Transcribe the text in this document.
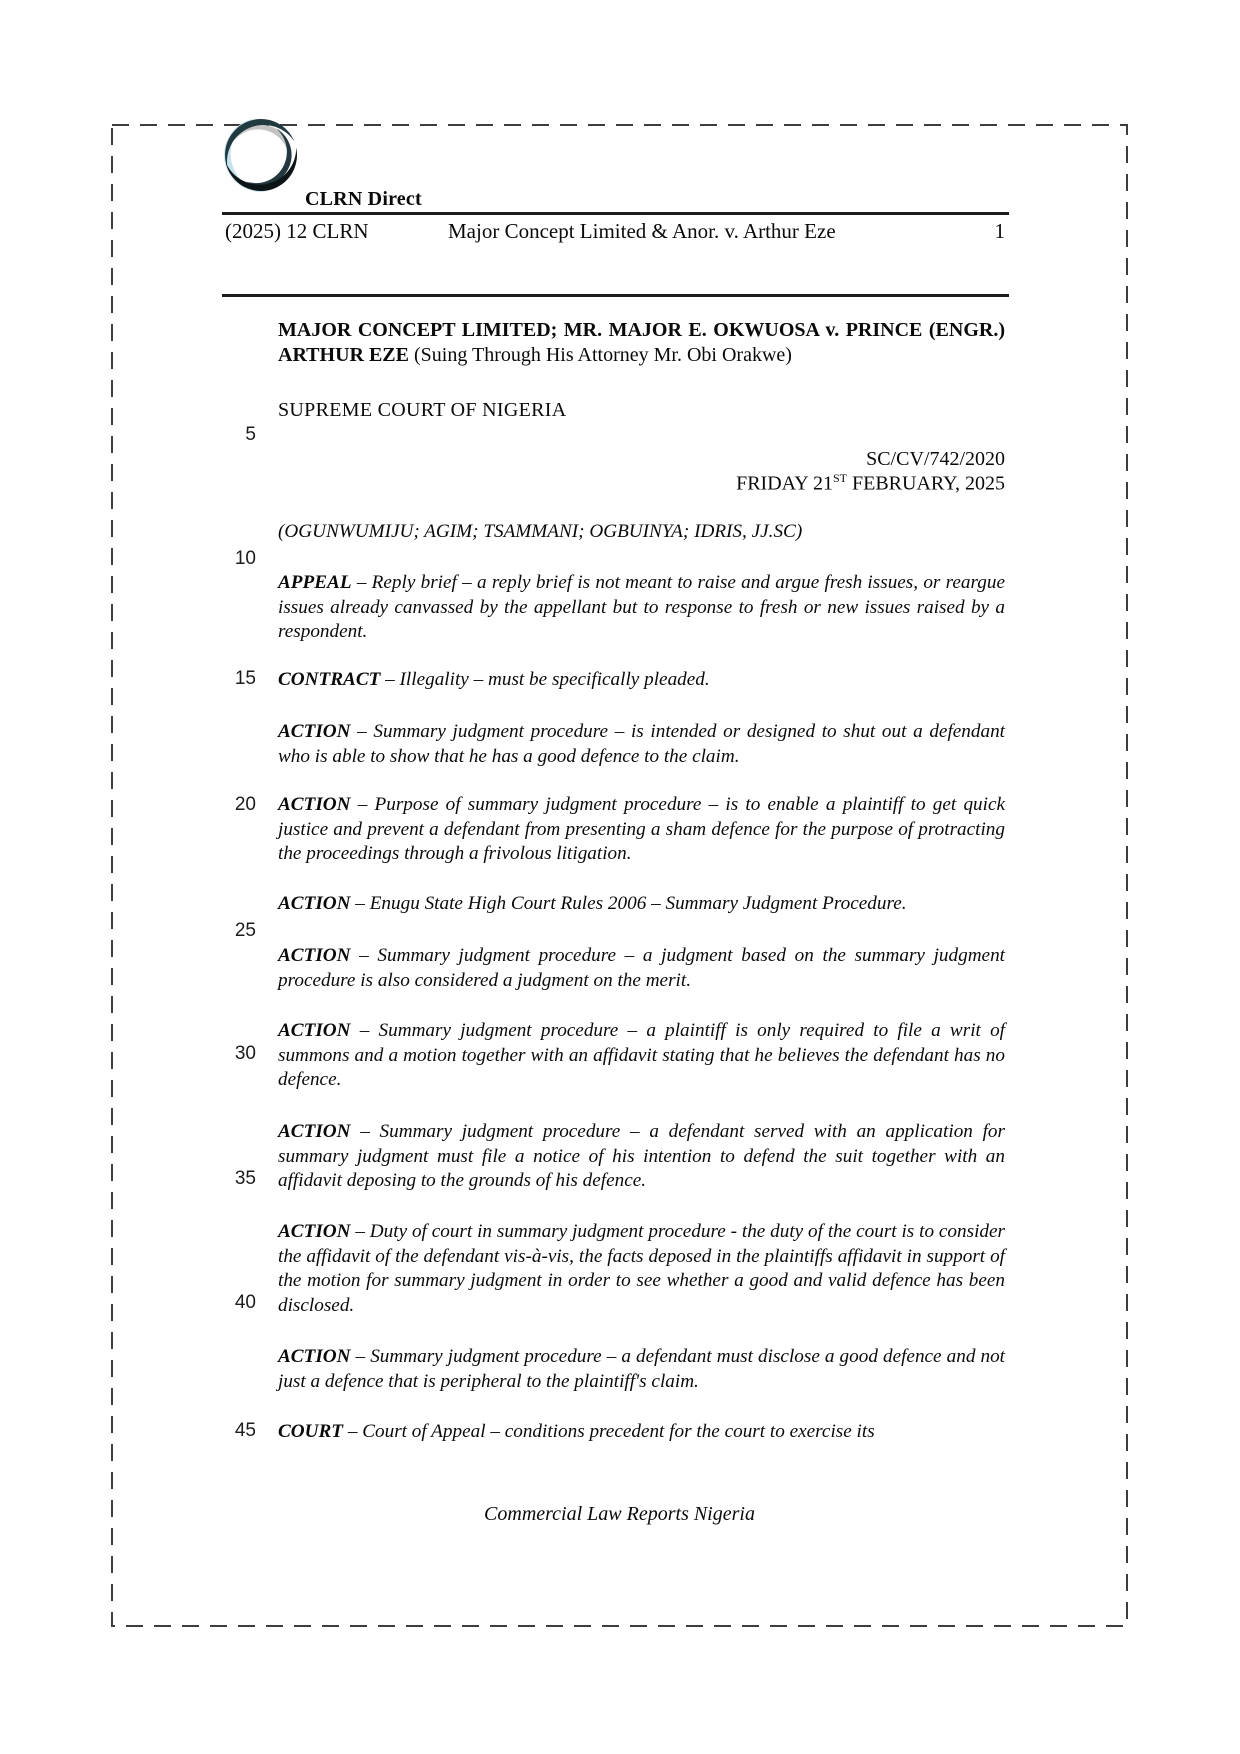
CLRN Direct
(2025) 12 CLRN	Major Concept Limited & Anor. v. Arthur Eze	1
MAJOR CONCEPT LIMITED; MR. MAJOR E. OKWUOSA v. PRINCE (ENGR.)
ARTHUR EZE (Suing Through His Attorney Mr. Obi Orakwe)
SUPREME COURT OF NIGERIA
SC/CV/742/2020
FRIDAY 21ST FEBRUARY, 2025
(OGUNWUMIJU; AGIM; TSAMMANI; OGBUINYA; IDRIS, JJ.SC)
5
10
15
20
25
30
35
40
45
APPEAL – Reply brief – a reply brief is not meant to raise and argue fresh issues, or reargue issues already canvassed by the appellant but to response to fresh or new issues raised by a respondent.
CONTRACT – Illegality – must be specifically pleaded.
ACTION – Summary judgment procedure – is intended or designed to shut out a defendant who is able to show that he has a good defence to the claim.
ACTION – Purpose of summary judgment procedure – is to enable a plaintiff to get quick justice and prevent a defendant from presenting a sham defence for the purpose of protracting the proceedings through a frivolous litigation.
ACTION – Enugu State High Court Rules 2006 – Summary Judgment Procedure.
ACTION – Summary judgment procedure – a judgment based on the summary judgment procedure is also considered a judgment on the merit.
ACTION – Summary judgment procedure – a plaintiff is only required to file a writ of summons and a motion together with an affidavit stating that he believes the defendant has no defence.
ACTION – Summary judgment procedure – a defendant served with an application for summary judgment must file a notice of his intention to defend the suit together with an affidavit deposing to the grounds of his defence.
ACTION – Duty of court in summary judgment procedure - the duty of the court is to consider the affidavit of the defendant vis-à-vis, the facts deposed in the plaintiffs affidavit in support of the motion for summary judgment in order to see whether a good and valid defence has been disclosed.
ACTION – Summary judgment procedure – a defendant must disclose a good defence and not just a defence that is peripheral to the plaintiff's claim.
COURT – Court of Appeal – conditions precedent for the court to exercise its
Commercial Law Reports Nigeria
